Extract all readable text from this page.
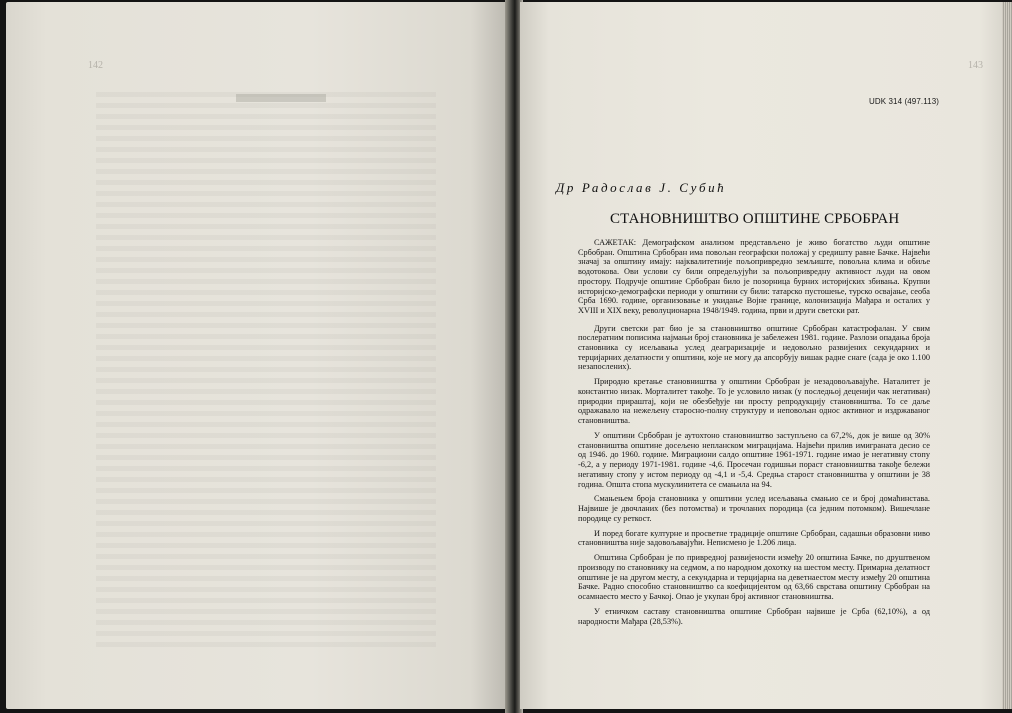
142	143
UDK 314 (497.113)
Др Радослав Ј. Субић
СТАНОВНИШТВО ОПШТИНЕ СРБОБРАН

САЖЕТАК: Демографском анализом представљено је живо богатство људи општине Србобран. Општина Србобран има повољан географски положај у средишту равне Бачке. Највећи значај за општину имају: најквалитетније пољопривредно земљиште, повољна клима и обиље водотокова. Ови услови су били опредељујући за пољопривредну активност људи на овом простору. Подручје општине Србобран било је позорница бурних историјских збивања. Крупни историјско-демографски периоди у општини су били: татарско пустошење, турско освајање, сеоба Срба 1690. године, организовање и укидање Војне границе, колонизација Мађара и осталих у XVIII и XIX веку, револуционарна 1948/1949. година, први и други светски рат.

Други светски рат био је за становништво општине Србобран катастрофалан. У свим послератним пописима најмањи број становника је забележен 1981. године. Разлози опадања броја становника су исељавања услед деаграризације и недовољно развијених секундарних и терцијарних делатности у општини, које не могу да апсорбују вишак радне снаге (сада је око 1.100 незапослених).

Природно кретање становништва у општини Србобран је незадовољавајуће. Наталитет је константно низак. Морталитет такође. То је условило низак (у последњој деценији чак негативан) природни прираштај, који не обезбеђује ни просту репродукцију становништва. То се даље одражавало на нежељену старосно-полну структуру и неповољан однос активног и издржаваног становништва.

У општини Србобран је аутохтоно становништво заступљено са 67,2%, док је више од 30% становништва општине досељено непланском миграцијама. Највећи прилив имиграната десио се од 1946. до 1960. године. Миграциони салдо општине 1961-1971. године имао је негативну стопу -6,2, а у периоду 1971-1981. године -4,6. Просечан годишњи пораст становништва такође бележи негативну стопу у истом периоду од -4,1 и -5,4. Средња старост становништва у општини је 38 година. Општа стопа мускулинитета се смањила на 94.

Смањењем броја становника у општини услед исељавања смањио се и број домаћинстава. Највише је двочланих (без потомства) и трочланих породица (са једним потомком). Вишечлане породице су реткост.

И поред богате културне и просветне традиције општине Србобран, садашњи образовни ниво становништва није задовољавајући. Неписмено је 1.206 лица.

Општина Србобран је по привредној развијености између 20 општина Бачке, по друштвеном производу по становнику на седмом, а по народном дохотку на шестом месту. Примарна делатност општине је на другом месту, а секундарна и терцијарна на деветнаестом месту између 20 општина Бачке. Радно способно становништво са коефицијентом од 63,66 сврстава општину Србобран на осамнаесто место у Бачкој. Опао је укупан број активног становништва.

У етничком саставу становништва општине Србобран највише је Срба (62,10%), а од народности Мађара (28,53%).
